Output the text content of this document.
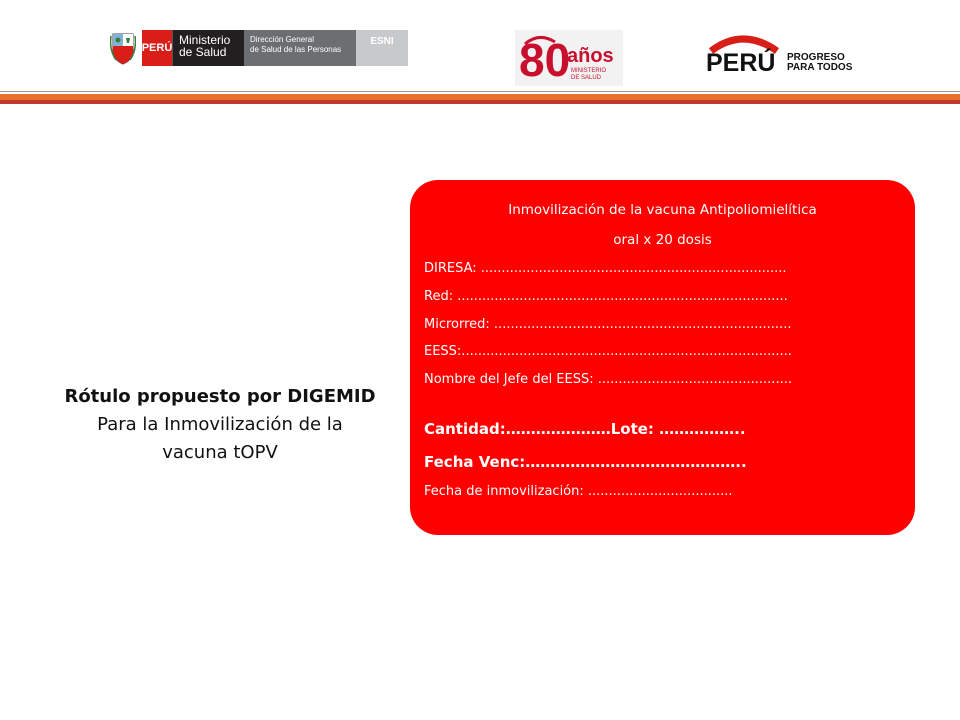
PERÚ
Ministerio
de Salud
Dirección General
de Salud de las Personas
ESNI	80
años
MINISTERIO
DE SALUD
PERÚ PROGRESO
PARA TODOS
Rótulo propuesto por DIGEMID
Para la Inmovilización de la
vacuna tOPV
Inmovilización de la vacuna Antipoliomielítica
oral x 20 dosis
DIRESA: ..........................................................................
Red: ................................................................................
Microrred: ........................................................................
EESS:................................................................................
Nombre del Jefe del EESS: ...............................................
Cantidad:…………………Lote: ……………..
Fecha Venc:……………………………………..
Fecha de inmovilización: ...................................
